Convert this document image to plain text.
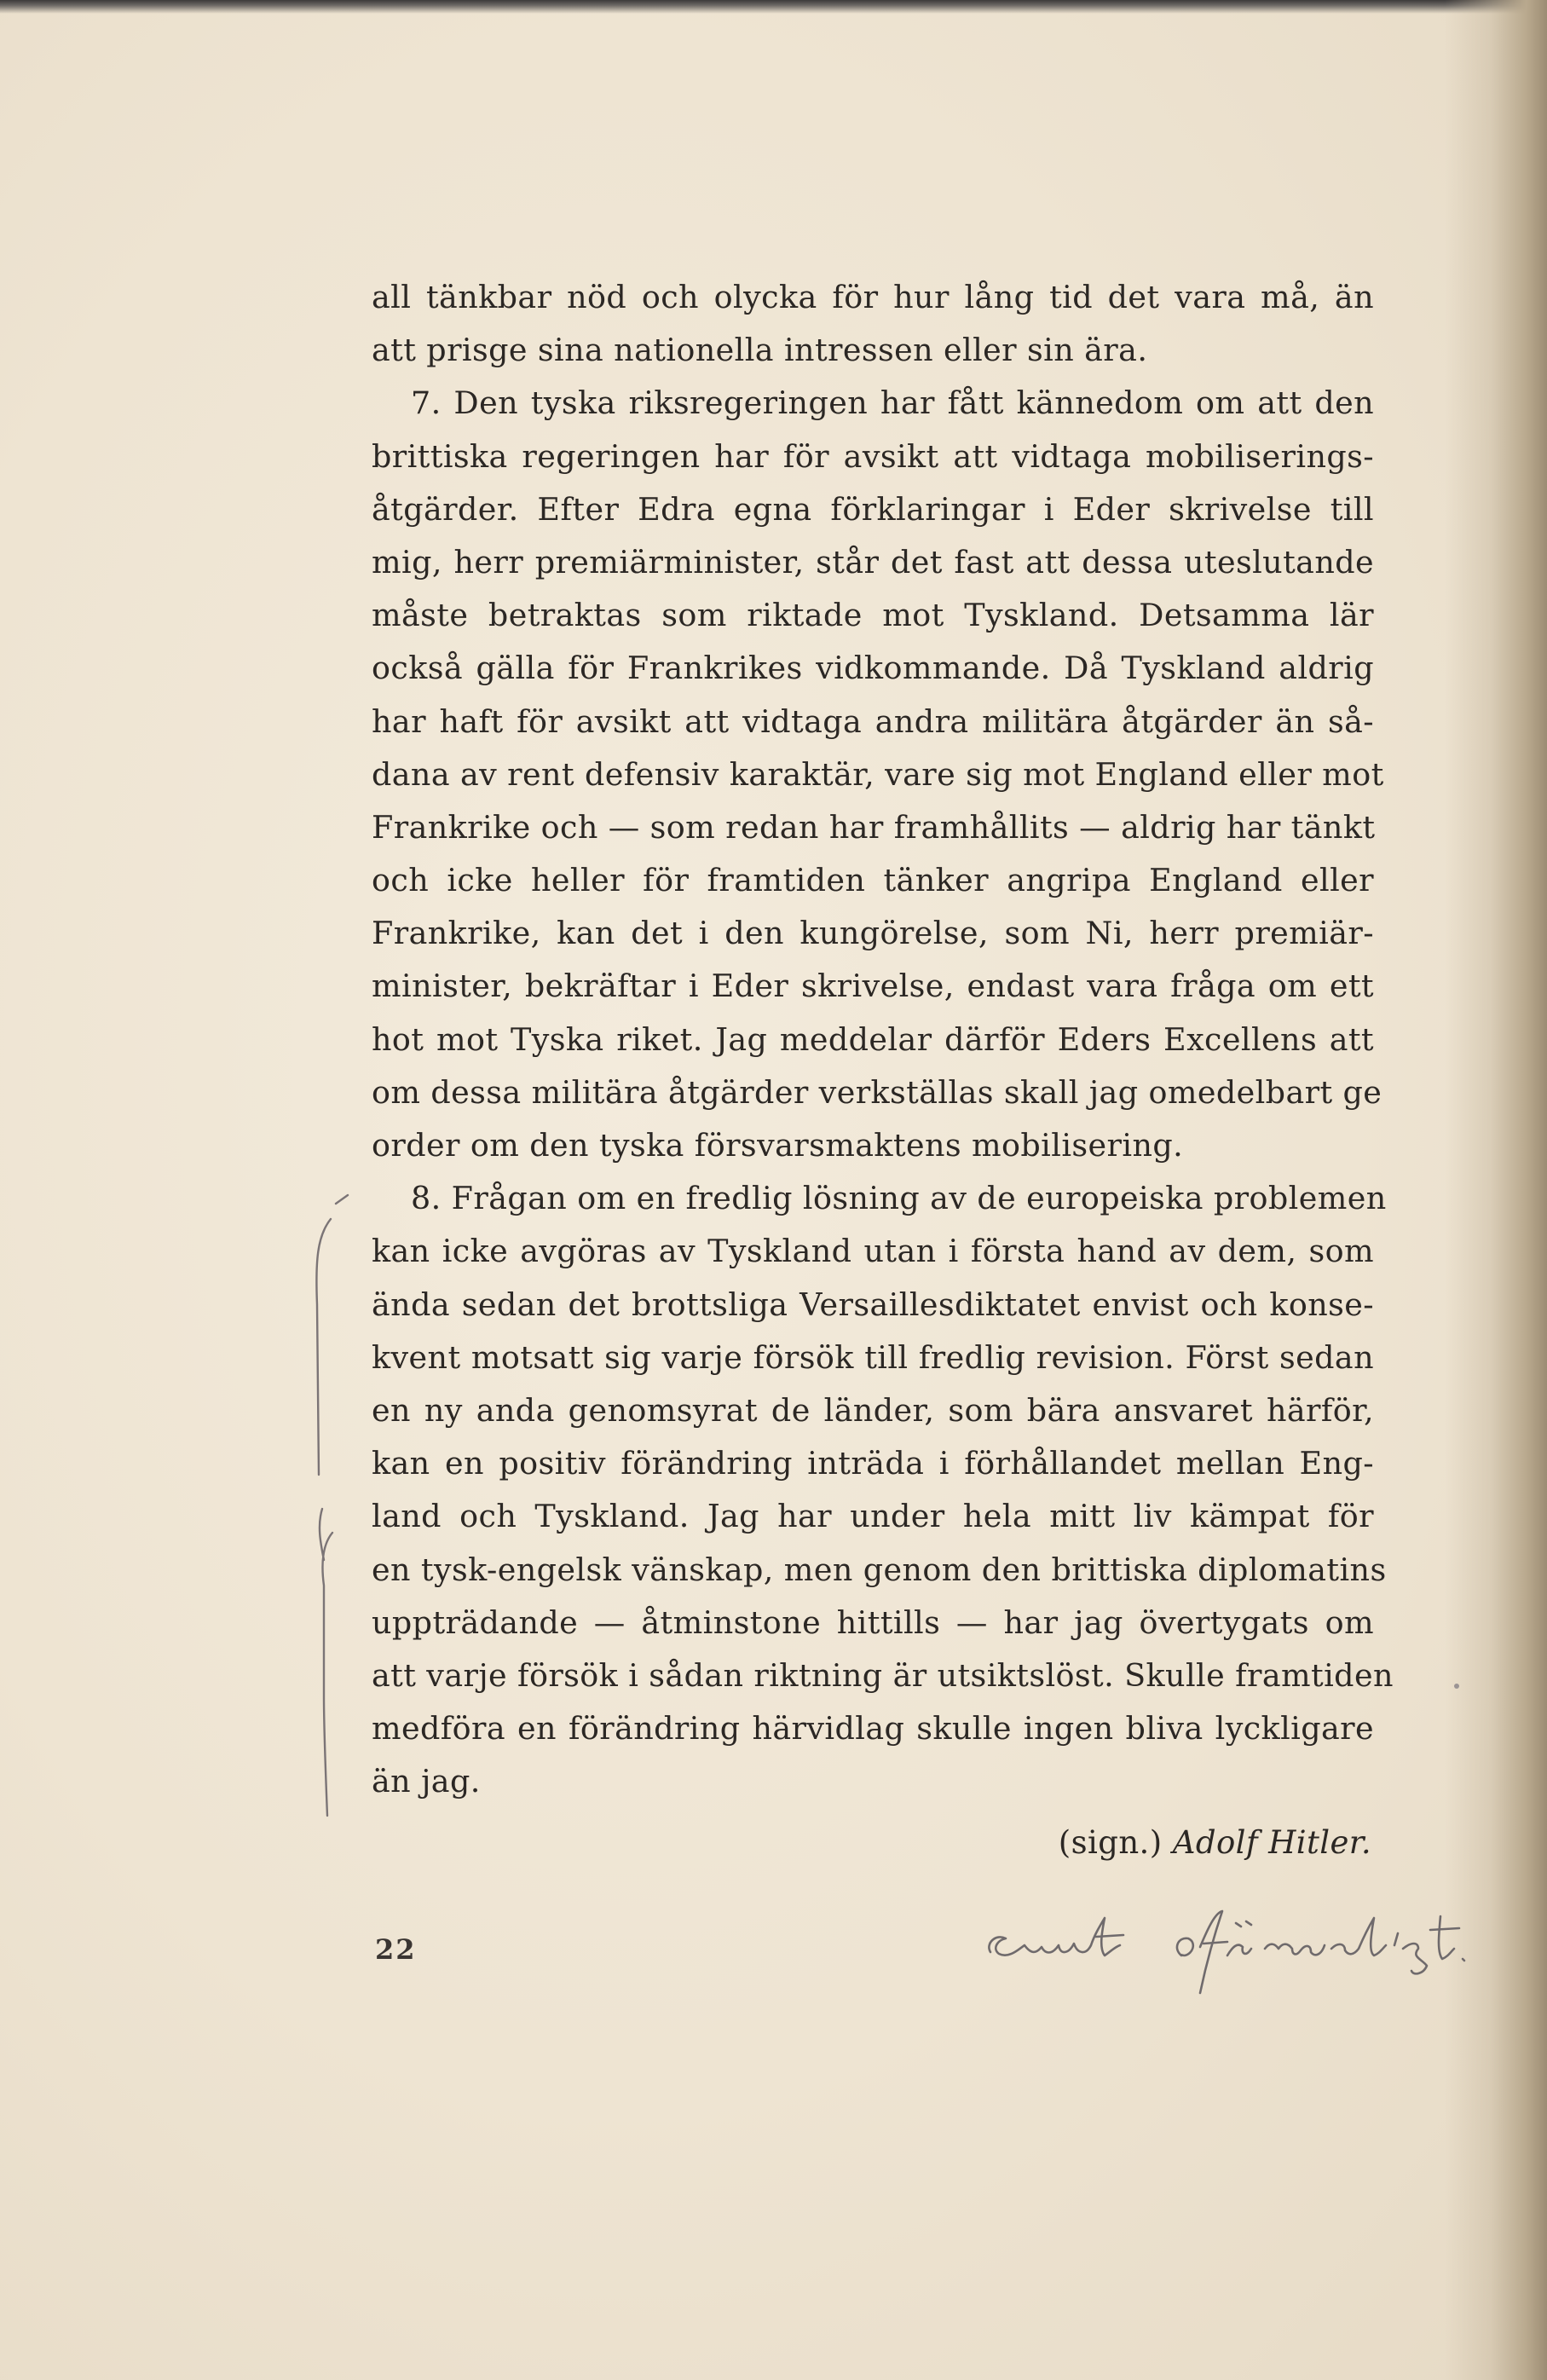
all tänkbar nöd och olycka för hur lång tid det vara må, än
att prisge sina nationella intressen eller sin ära.
7. Den tyska riksregeringen har fått kännedom om att den
brittiska regeringen har för avsikt att vidtaga mobiliserings-
åtgärder. Efter Edra egna förklaringar i Eder skrivelse till
mig, herr premiärminister, står det fast att dessa uteslutande
måste betraktas som riktade mot Tyskland. Detsamma lär
också gälla för Frankrikes vidkommande. Då Tyskland aldrig
har haft för avsikt att vidtaga andra militära åtgärder än så-
dana av rent defensiv karaktär, vare sig mot England eller mot
Frankrike och — som redan har framhållits — aldrig har tänkt
och icke heller för framtiden tänker angripa England eller
Frankrike, kan det i den kungörelse, som Ni, herr premiär-
minister, bekräftar i Eder skrivelse, endast vara fråga om ett
hot mot Tyska riket. Jag meddelar därför Eders Excellens att
om dessa militära åtgärder verkställas skall jag omedelbart ge
order om den tyska försvarsmaktens mobilisering.
8. Frågan om en fredlig lösning av de europeiska problemen
kan icke avgöras av Tyskland utan i första hand av dem, som
ända sedan det brottsliga Versaillesdiktatet envist och konse-
kvent motsatt sig varje försök till fredlig revision. Först sedan
en ny anda genomsyrat de länder, som bära ansvaret härför,
kan en positiv förändring inträda i förhållandet mellan Eng-
land och Tyskland. Jag har under hela mitt liv kämpat för
en tysk-engelsk vänskap, men genom den brittiska diplomatins
uppträdande — åtminstone hittills — har jag övertygats om
att varje försök i sådan riktning är utsiktslöst. Skulle framtiden
medföra en förändring härvidlag skulle ingen bliva lyckligare
än jag.
(sign.) Adolf Hitler.
22
